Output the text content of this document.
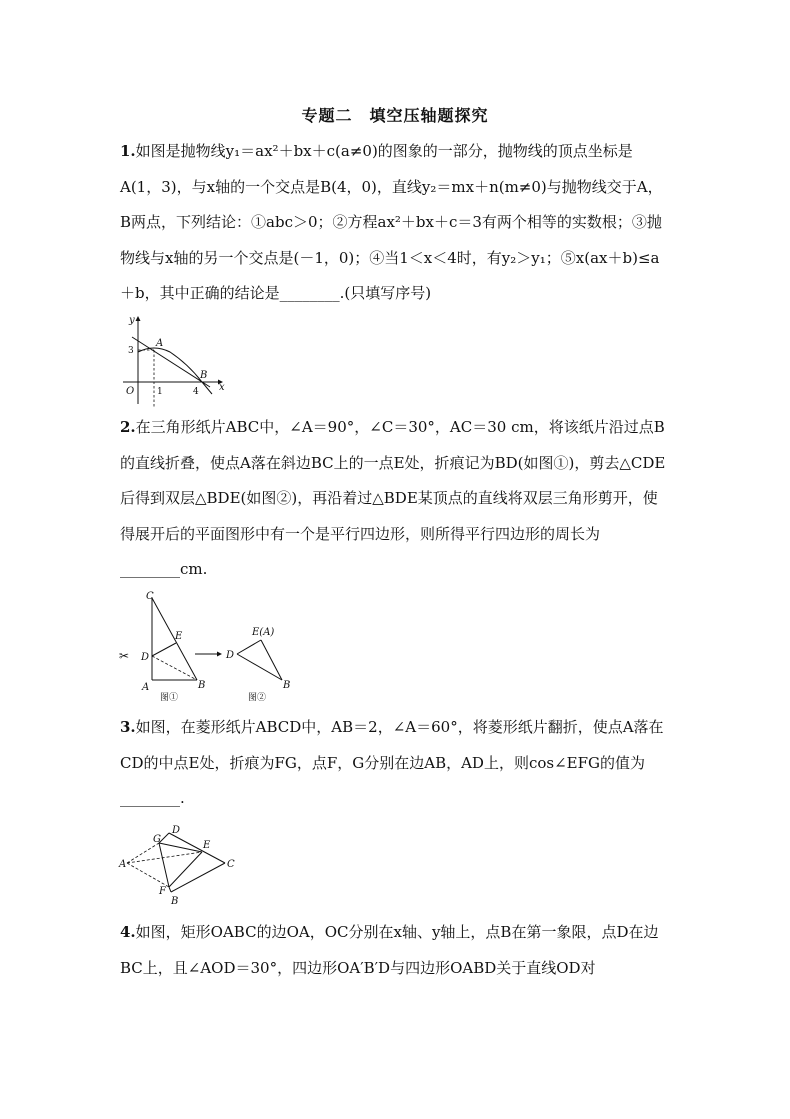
专题二　填空压轴题探究
1.如图是抛物线y₁＝ax²＋bx＋c(a≠0)的图象的一部分，抛物线的顶点坐标是A(1，3)，与x轴的一个交点是B(4，0)，直线y₂＝mx＋n(m≠0)与抛物线交于A，B两点，下列结论：①abc＞0；②方程ax²＋bx＋c＝3有两个相等的实数根；③抛物线与x轴的另一个交点是(－1，0)；④当1＜x＜4时，有y₂＞y₁；⑤x(ax＋b)≤a＋b，其中正确的结论是________.(只填写序号)
y
x
O
3
1	4
A
B
2.在三角形纸片ABC中，∠A＝90°，∠C＝30°，AC＝30 cm，将该纸片沿过点B的直线折叠，使点A落在斜边BC上的一点E处，折痕记为BD(如图①)，剪去△CDE后得到双层△BDE(如图②)，再沿着过△BDE某顶点的直线将双层三角形剪开，使得展开后的平面图形中有一个是平行四边形，则所得平行四边形的周长为________cm.
C
E
D
A	B
✂
图①
E(A)
D
B
图②
3.如图，在菱形纸片ABCD中，AB＝2，∠A＝60°，将菱形纸片翻折，使点A落在CD的中点E处，折痕为FG，点F，G分别在边AB，AD上，则cos∠EFG的值为________.
A
B
C
D
E
F
G
4.如图，矩形OABC的边OA，OC分别在x轴、y轴上，点B在第一象限，点D在边BC上，且∠AOD＝30°，四边形OA′B′D与四边形OABD关于直线OD对
